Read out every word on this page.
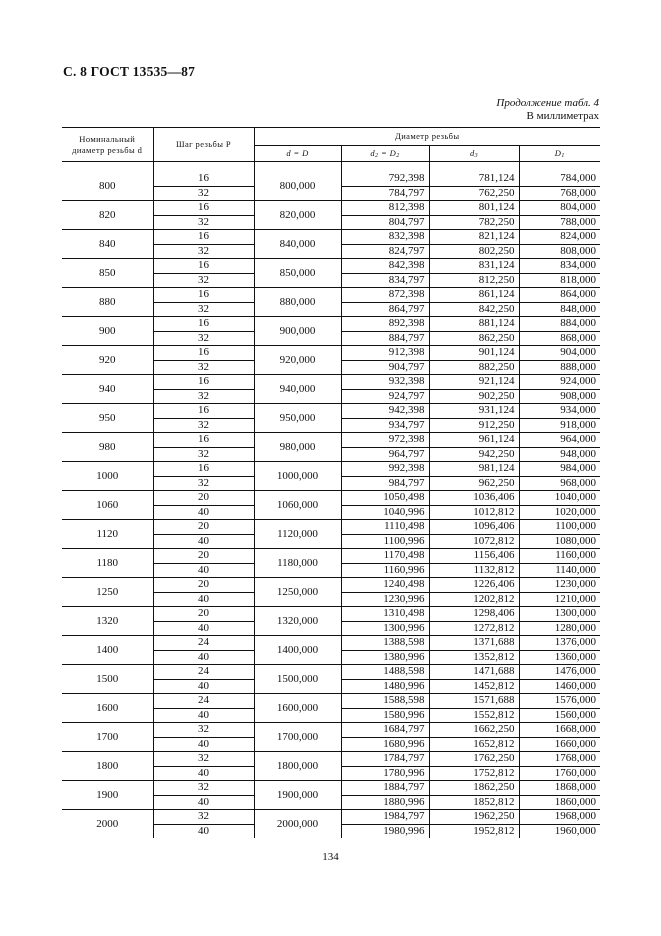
С. 8 ГОСТ 13535—87
Продолжение табл. 4
В миллиметрах
Номинальный
диаметр резьбы d	Шаг резьбы P	Диаметр резьбы			
		d = D	d2 = D2	d3	D1

800	16	800,000	792,398	781,124	784,000
	32		784,797	762,250	768,000
820	16	820,000	812,398	801,124	804,000
	32		804,797	782,250	788,000
840	16	840,000	832,398	821,124	824,000
	32		824,797	802,250	808,000
850	16	850,000	842,398	831,124	834,000
	32		834,797	812,250	818,000
880	16	880,000	872,398	861,124	864,000
	32		864,797	842,250	848,000
900	16	900,000	892,398	881,124	884,000
	32		884,797	862,250	868,000
920	16	920,000	912,398	901,124	904,000
	32		904,797	882,250	888,000
940	16	940,000	932,398	921,124	924,000
	32		924,797	902,250	908,000
950	16	950,000	942,398	931,124	934,000
	32		934,797	912,250	918,000
980	16	980,000	972,398	961,124	964,000
	32		964,797	942,250	948,000
1000	16	1000,000	992,398	981,124	984,000
	32		984,797	962,250	968,000
1060	20	1060,000	1050,498	1036,406	1040,000
	40		1040,996	1012,812	1020,000
1120	20	1120,000	1110,498	1096,406	1100,000
	40		1100,996	1072,812	1080,000
1180	20	1180,000	1170,498	1156,406	1160,000
	40		1160,996	1132,812	1140,000
1250	20	1250,000	1240,498	1226,406	1230,000
	40		1230,996	1202,812	1210,000
1320	20	1320,000	1310,498	1298,406	1300,000
	40		1300,996	1272,812	1280,000
1400	24	1400,000	1388,598	1371,688	1376,000
	40		1380,996	1352,812	1360,000
1500	24	1500,000	1488,598	1471,688	1476,000
	40		1480,996	1452,812	1460,000
1600	24	1600,000	1588,598	1571,688	1576,000
	40		1580,996	1552,812	1560,000
1700	32	1700,000	1684,797	1662,250	1668,000
	40		1680,996	1652,812	1660,000
1800	32	1800,000	1784,797	1762,250	1768,000
	40		1780,996	1752,812	1760,000
1900	32	1900,000	1884,797	1862,250	1868,000
	40		1880,996	1852,812	1860,000
2000	32	2000,000	1984,797	1962,250	1968,000
	40		1980,996	1952,812	1960,000
134
